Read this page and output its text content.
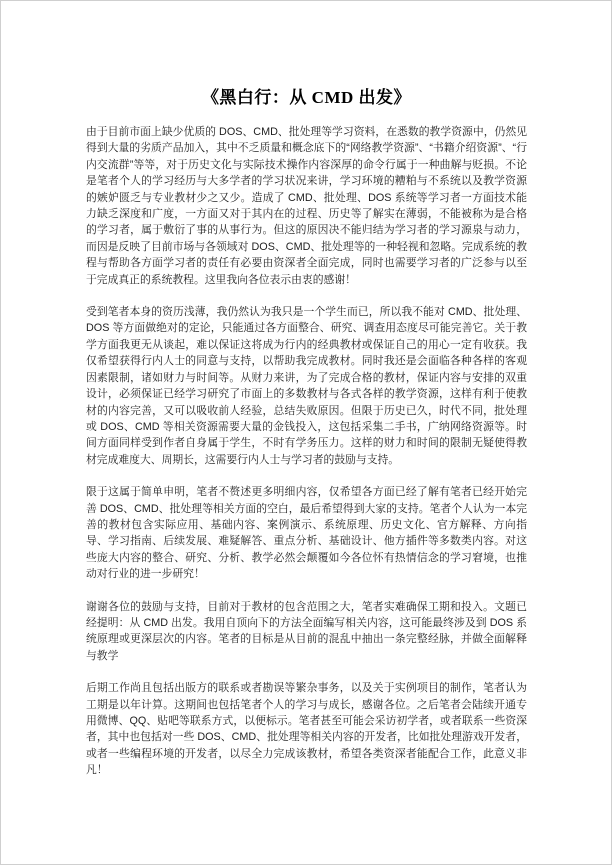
《黑白行：从 CMD 出发》

由于目前市面上缺少优质的 DOS、CMD、批处理等学习资料，在悉数的教学资源中，仍然见得到大量的劣质产品加入，其中不乏质量和概念底下的“网络教学资源”、“书籍介绍资源”、“行内交流群”等等，对于历史文化与实际技术操作内容深厚的命令行属于一种曲解与贬损。不论是笔者个人的学习经历与大多学者的学习状况来讲，学习环境的糟粕与不系统以及教学资源的嫉妒匮乏与专业教材少之又少。造成了 CMD、批处理、DOS 系统等学习者一方面技术能力缺乏深度和广度，一方面又对于其内在的过程、历史等了解实在薄弱，不能被称为是合格的学习者，属于敷衍了事的从事行为。但这的原因决不能归结为学习者的学习源泉与动力，而因是反映了目前市场与各领域对 DOS、CMD、批处理等的一种轻视和忽略。完成系统的教程与帮助各方面学习者的责任有必要由资深者全面完成，同时也需要学习者的广泛参与以至于完成真正的系统教程。这里我向各位表示由衷的感谢！

受到笔者本身的资历浅薄，我仍然认为我只是一个学生而已，所以我不能对 CMD、批处理、DOS 等方面做绝对的定论，只能通过各方面整合、研究、调查用态度尽可能完善它。关于教学方面我更无从谈起，难以保证这将成为行内的经典教材或保证自己的用心一定有收获。我仅希望获得行内人士的同意与支持，以帮助我完成教材。同时我还是会面临各种各样的客观因素限制，诸如财力与时间等。从财力来讲，为了完成合格的教材，保证内容与安排的双重设计，必须保证已经学习研究了市面上的多数教材与各式各样的教学资源，这样有利于使教材的内容完善，又可以吸收前人经验，总结失败原因。但限于历史已久，时代不同，批处理或 DOS、CMD 等相关资源需要大量的金钱投入，这包括采集二手书，广纳网络资源等。时间方面同样受到作者自身属于学生，不时有学务压力。这样的财力和时间的限制无疑使得教材完成难度大、周期长，这需要行内人士与学习者的鼓励与支持。

限于这属于简单申明，笔者不赘述更多明细内容，仅希望各方面已经了解有笔者已经开始完善 DOS、CMD、批处理等相关方面的空白，最后希望得到大家的支持。笔者个人认为一本完善的教材包含实际应用、基础内容、案例演示、系统原理、历史文化、官方解释、方向指导、学习指南、后续发展、难疑解答、重点分析、基础设计、他方插件等多数类内容。对这些庞大内容的整合、研究、分析、教学必然会颠覆如今各位怀有热情信念的学习窘境，也推动对行业的进一步研究！

谢谢各位的鼓励与支持，目前对于教材的包含范围之大，笔者实难确保工期和投入。文题已经提明：从 CMD 出发。我用自顶向下的方法全面编写相关内容，这可能最终涉及到 DOS 系统原理或更深层次的内容。笔者的目标是从目前的混乱中抽出一条完整经脉，并做全面解释与教学

后期工作尚且包括出版方的联系或者勘误等繁杂事务，以及关于实例项目的制作，笔者认为工期是以年计算。这期间也包括笔者个人的学习与成长，感谢各位。之后笔者会陆续开通专用微博、QQ、贴吧等联系方式，以便标示。笔者甚至可能会采访初学者，或者联系一些资深者，其中也包括对一些 DOS、CMD、批处理等相关内容的开发者，比如批处理游戏开发者，或者一些编程环境的开发者，以尽全力完成该教材，希望各类资深者能配合工作，此意义非凡！
